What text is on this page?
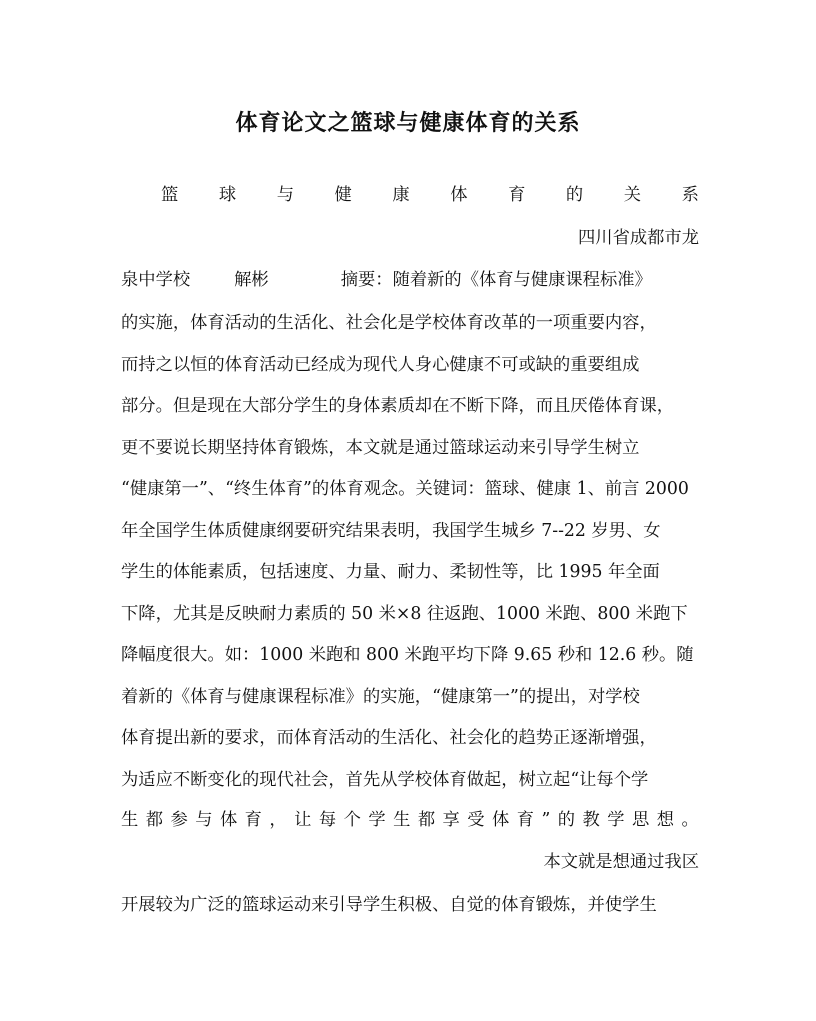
体育论文之篮球与健康体育的关系
篮 球 与 健 康 体 育 的 关 系
四川省成都市龙
泉中学校	解彬	摘要：随着新的《体育与健康课程标准》
的实施，体育活动的生活化、社会化是学校体育改革的一项重要内容，
而持之以恒的体育活动已经成为现代人身心健康不可或缺的重要组成
部分。但是现在大部分学生的身体素质却在不断下降，而且厌倦体育课，
更不要说长期坚持体育锻炼，本文就是通过篮球运动来引导学生树立
“健康第一”、“终生体育”的体育观念。关键词：篮球、健康 1、前言 2000
年全国学生体质健康纲要研究结果表明，我国学生城乡 7--22 岁男、女
学生的体能素质，包括速度、力量、耐力、柔韧性等，比 1995 年全面
下降，尤其是反映耐力素质的 50 米×8 往返跑、1000 米跑、800 米跑下
降幅度很大。如：1000 米跑和 800 米跑平均下降 9.65 秒和 12.6 秒。随
着新的《体育与健康课程标准》的实施，“健康第一”的提出，对学校
体育提出新的要求，而体育活动的生活化、社会化的趋势正逐渐增强，
为适应不断变化的现代社会，首先从学校体育做起，树立起“让每个学
生 都 参 与 体 育 ， 让 每 个 学 生 都 享 受 体 育 ” 的 教 学 思 想 。
本文就是想通过我区
开展较为广泛的篮球运动来引导学生积极、自觉的体育锻炼，并使学生
